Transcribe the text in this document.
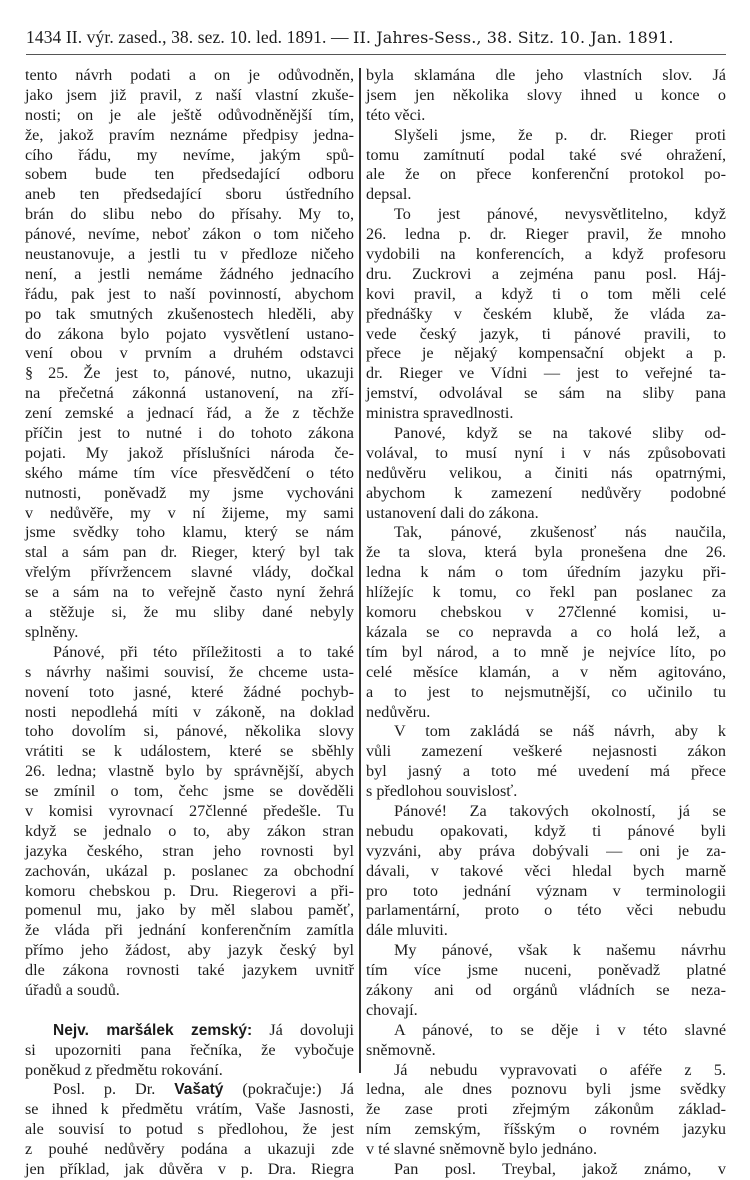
1434 II. výr. zased., 38. sez. 10. led. 1891. — II. Jahres-Sess., 38. Sitz. 10. Jan. 1891.
tento návrh podati a on je odůvodněn,
jako jsem již pravil, z naší vlastní zkuše-
nosti; on je ale ještě odůvodněnější tím,
že, jakož pravím neznáme předpisy jedna-
cího řádu, my nevíme, jakým spů-
sobem bude ten předsedající odboru
aneb ten předsedající sboru ústředního
brán do slibu nebo do přísahy. My to,
pánové, nevíme, neboť zákon o tom ničeho
neustanovuje, a jestli tu v předloze ničeho
není, a jestli nemáme žádného jednacího
řádu, pak jest to naší povinností, abychom
po tak smutných zkušenostech hleděli, aby
do zákona bylo pojato vysvětlení ustano-
vení obou v prvním a druhém odstavci
§ 25. Že jest to, pánové, nutno, ukazuji
na přečetná zákonná ustanovení, na zří-
zení zemské a jednací řád, a že z těchže
příčin jest to nutné i do tohoto zákona
pojati. My jakož příslušníci národa če-
ského máme tím více přesvědčení o této
nutnosti, poněvadž my jsme vychováni
v nedůvěře, my v ní žijeme, my sami
jsme svědky toho klamu, který se nám
stal a sám pan dr. Rieger, který byl tak
vřelým přívržencem slavné vlády, dočkal
se a sám na to veřejně často nyní žehrá
a stěžuje si, že mu sliby dané nebyly
splněny.
Pánové, při této příležitosti a to také
s návrhy našimi souvisí, že chceme usta-
novení toto jasné, které žádné pochyb-
nosti nepodlehá míti v zákoně, na doklad
toho dovolím si, pánové, několika slovy
vrátiti se k událostem, které se sběhly
26. ledna; vlastně bylo by správnější, abych
se zmínil o tom, čehc jsme se dověděli
v komisi vyrovnací 27členné předešle. Tu
když se jednalo o to, aby zákon stran
jazyka českého, stran jeho rovnosti byl
zachován, ukázal p. poslanec za obchodní
komoru chebskou p. Dru. Riegerovi a při-
pomenul mu, jako by měl slabou paměť,
že vláda při jednání konferenčním zamítla
přímo jeho žádost, aby jazyk český byl
dle zákona rovnosti také jazykem uvnitř
úřadů a soudů.
Nejv. maršálek zemský: Já dovoluji
si upozorniti pana řečníka, že vybočuje
poněkud z předmětu rokování.
Posl. p. Dr. Vašatý (pokračuje:) Já
se ihned k předmětu vrátím, Vaše Jasnosti,
ale souvisí to potud s předlohou, že jest
z pouhé nedůvěry podána a ukazuji zde
jen příklad, jak důvěra v p. Dra. Riegra
byla sklamána dle jeho vlastních slov. Já
jsem jen několika slovy ihned u konce o
této věci.
Slyšeli jsme, že p. dr. Rieger proti
tomu zamítnutí podal také své ohražení,
ale že on přece konferenční protokol po-
depsal.
To jest pánové, nevysvětlitelno, když
26. ledna p. dr. Rieger pravil, že mnoho
vydobili na konferencích, a když profesoru
dru. Zuckrovi a zejména panu posl. Háj-
kovi pravil, a když ti o tom měli celé
přednášky v českém klubě, že vláda za-
vede český jazyk, ti pánové pravili, to
přece je nějaký kompensační objekt a p.
dr. Rieger ve Vídni — jest to veřejné ta-
jemství, odvolával se sám na sliby pana
ministra spravedlnosti.
Panové, když se na takové sliby od-
volával, to musí nyní i v nás způsobovati
nedůvěru velikou, a činiti nás opatrnými,
abychom k zamezení nedůvěry podobné
ustanovení dali do zákona.
Tak, pánové, zkušenosť nás naučila,
že ta slova, která byla pronešena dne 26.
ledna k nám o tom úředním jazyku při-
hlížejíc k tomu, co řekl pan poslanec za
komoru chebskou v 27členné komisi, u-
kázala se co nepravda a co holá lež, a
tím byl národ, a to mně je nejvíce líto, po
celé měsíce klamán, a v něm agitováno,
a to jest to nejsmutnější, co učinilo tu
nedůvěru.
V tom zakládá se náš návrh, aby k
vůli zamezení veškeré nejasnosti zákon
byl jasný a toto mé uvedení má přece
s předlohou souvislosť.
Pánové! Za takových okolností, já se
nebudu opakovati, když ti pánové byli
vyzváni, aby práva dobývali — oni je za-
dávali, v takové věci hledal bych marně
pro toto jednání význam v terminologii
parlamentární, proto o této věci nebudu
dále mluviti.
My pánové, však k našemu návrhu
tím více jsme nuceni, poněvadž platné
zákony ani od orgánů vládních se neza-
chovají.
A pánové, to se děje i v této slavné
sněmovně.
Já nebudu vypravovati o aféře z 5.
ledna, ale dnes poznovu byli jsme svědky
že zase proti zřejmým zákonům základ-
ním zemským, říšským o rovném jazyku
v té slavné sněmovně bylo jednáno.
Pan posl. Treybal, jakož známo, v
